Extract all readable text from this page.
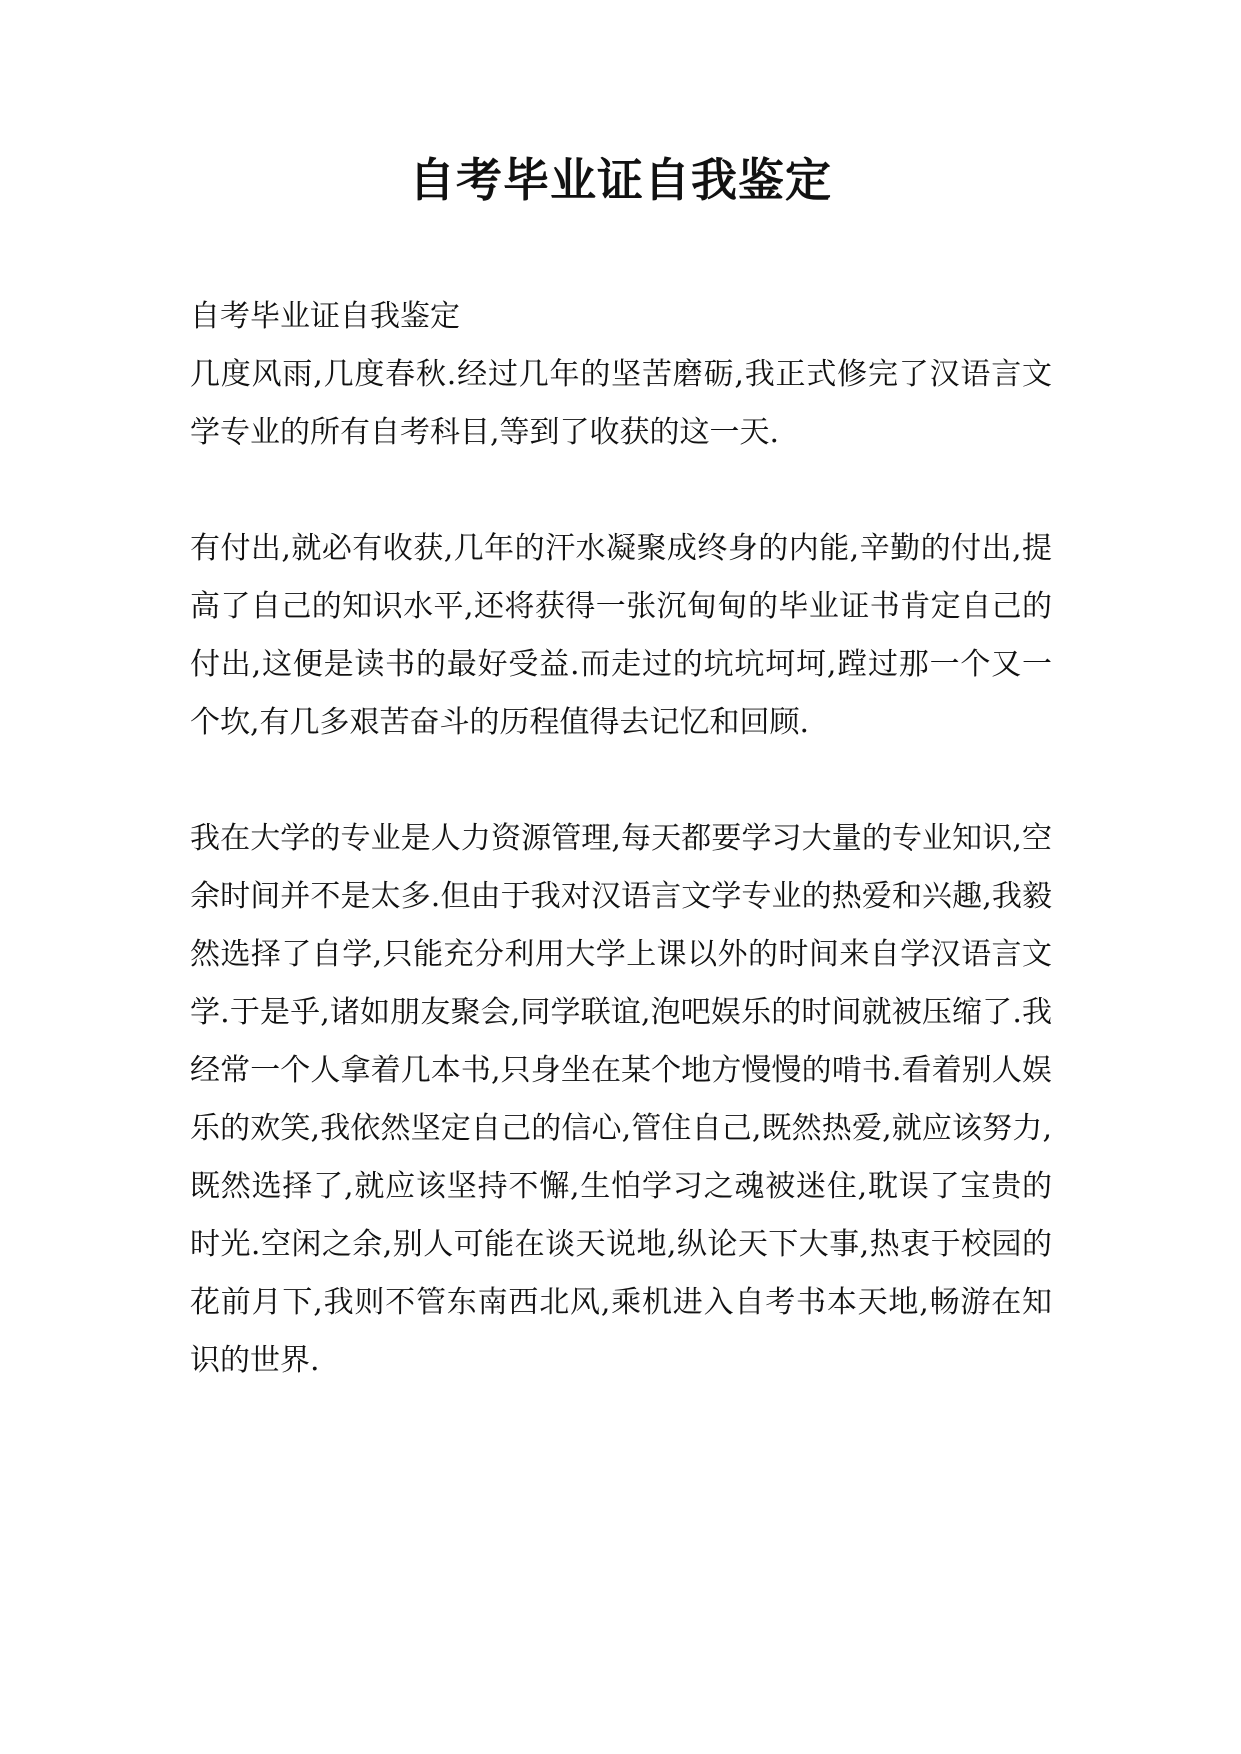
自考毕业证自我鉴定

自考毕业证自我鉴定

几度风雨,几度春秋.经过几年的坚苦磨砺,我正式修完了汉语言文学专业的所有自考科目,等到了收获的这一天.

有付出,就必有收获,几年的汗水凝聚成终身的内能,辛勤的付出,提高了自己的知识水平,还将获得一张沉甸甸的毕业证书肯定自己的付出,这便是读书的最好受益.而走过的坑坑坷坷,蹚过那一个又一个坎,有几多艰苦奋斗的历程值得去记忆和回顾.

我在大学的专业是人力资源管理,每天都要学习大量的专业知识,空余时间并不是太多.但由于我对汉语言文学专业的热爱和兴趣,我毅然选择了自学,只能充分利用大学上课以外的时间来自学汉语言文学.于是乎,诸如朋友聚会,同学联谊,泡吧娱乐的时间就被压缩了.我经常一个人拿着几本书,只身坐在某个地方慢慢的啃书.看着别人娱乐的欢笑,我依然坚定自己的信心,管住自己,既然热爱,就应该努力,既然选择了,就应该坚持不懈,生怕学习之魂被迷住,耽误了宝贵的时光.空闲之余,别人可能在谈天说地,纵论天下大事,热衷于校园的花前月下,我则不管东南西北风,乘机进入自考书本天地,畅游在知识的世界.
